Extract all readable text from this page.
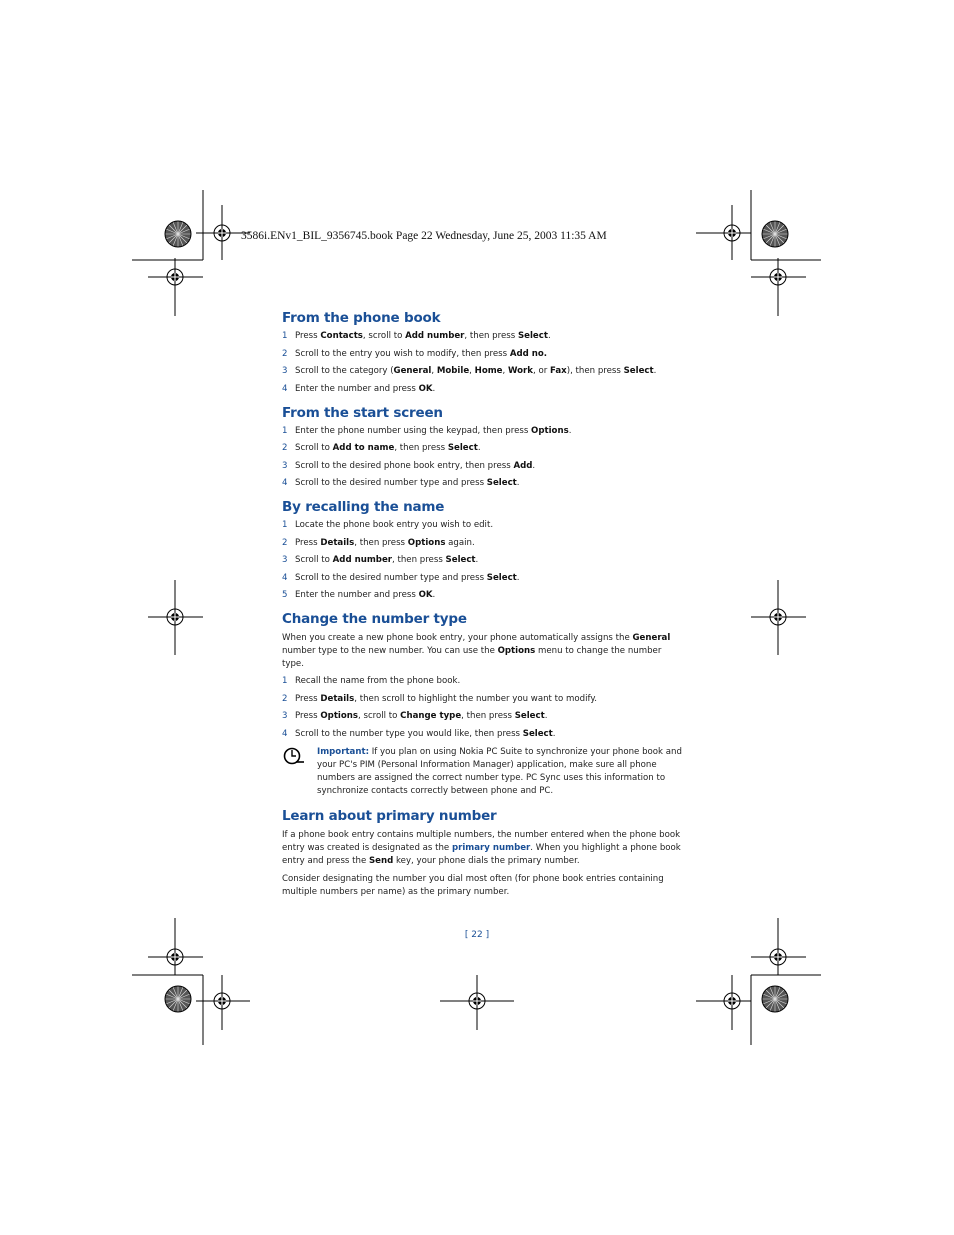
3586i.ENv1_BIL_9356745.book Page 22 Wednesday, June 25, 2003 11:35 AM
From the phone book
1 Press Contacts, scroll to Add number, then press Select.
2 Scroll to the entry you wish to modify, then press Add no.
3 Scroll to the category (General, Mobile, Home, Work, or Fax), then press Select.
4 Enter the number and press OK.
From the start screen
1 Enter the phone number using the keypad, then press Options.
2 Scroll to Add to name, then press Select.
3 Scroll to the desired phone book entry, then press Add.
4 Scroll to the desired number type and press Select.
By recalling the name
1 Locate the phone book entry you wish to edit.
2 Press Details, then press Options again.
3 Scroll to Add number, then press Select.
4 Scroll to the desired number type and press Select.
5 Enter the number and press OK.
Change the number type

When you create a new phone book entry, your phone automatically assigns the General number type to the new number. You can use the Options menu to change the number type.

1 Recall the name from the phone book.
2 Press Details, then scroll to highlight the number you want to modify.
3 Press Options, scroll to Change type, then press Select.
4 Scroll to the number type you would like, then press Select.
Important: If you plan on using Nokia PC Suite to synchronize your phone book and your PC's PIM (Personal Information Manager) application, make sure all phone numbers are assigned the correct number type. PC Sync uses this information to synchronize contacts correctly between phone and PC.
Learn about primary number

If a phone book entry contains multiple numbers, the number entered when the phone book entry was created is designated as the primary number. When you highlight a phone book entry and press the Send key, your phone dials the primary number.

Consider designating the number you dial most often (for phone book entries containing multiple numbers per name) as the primary number.

[ 22 ]
